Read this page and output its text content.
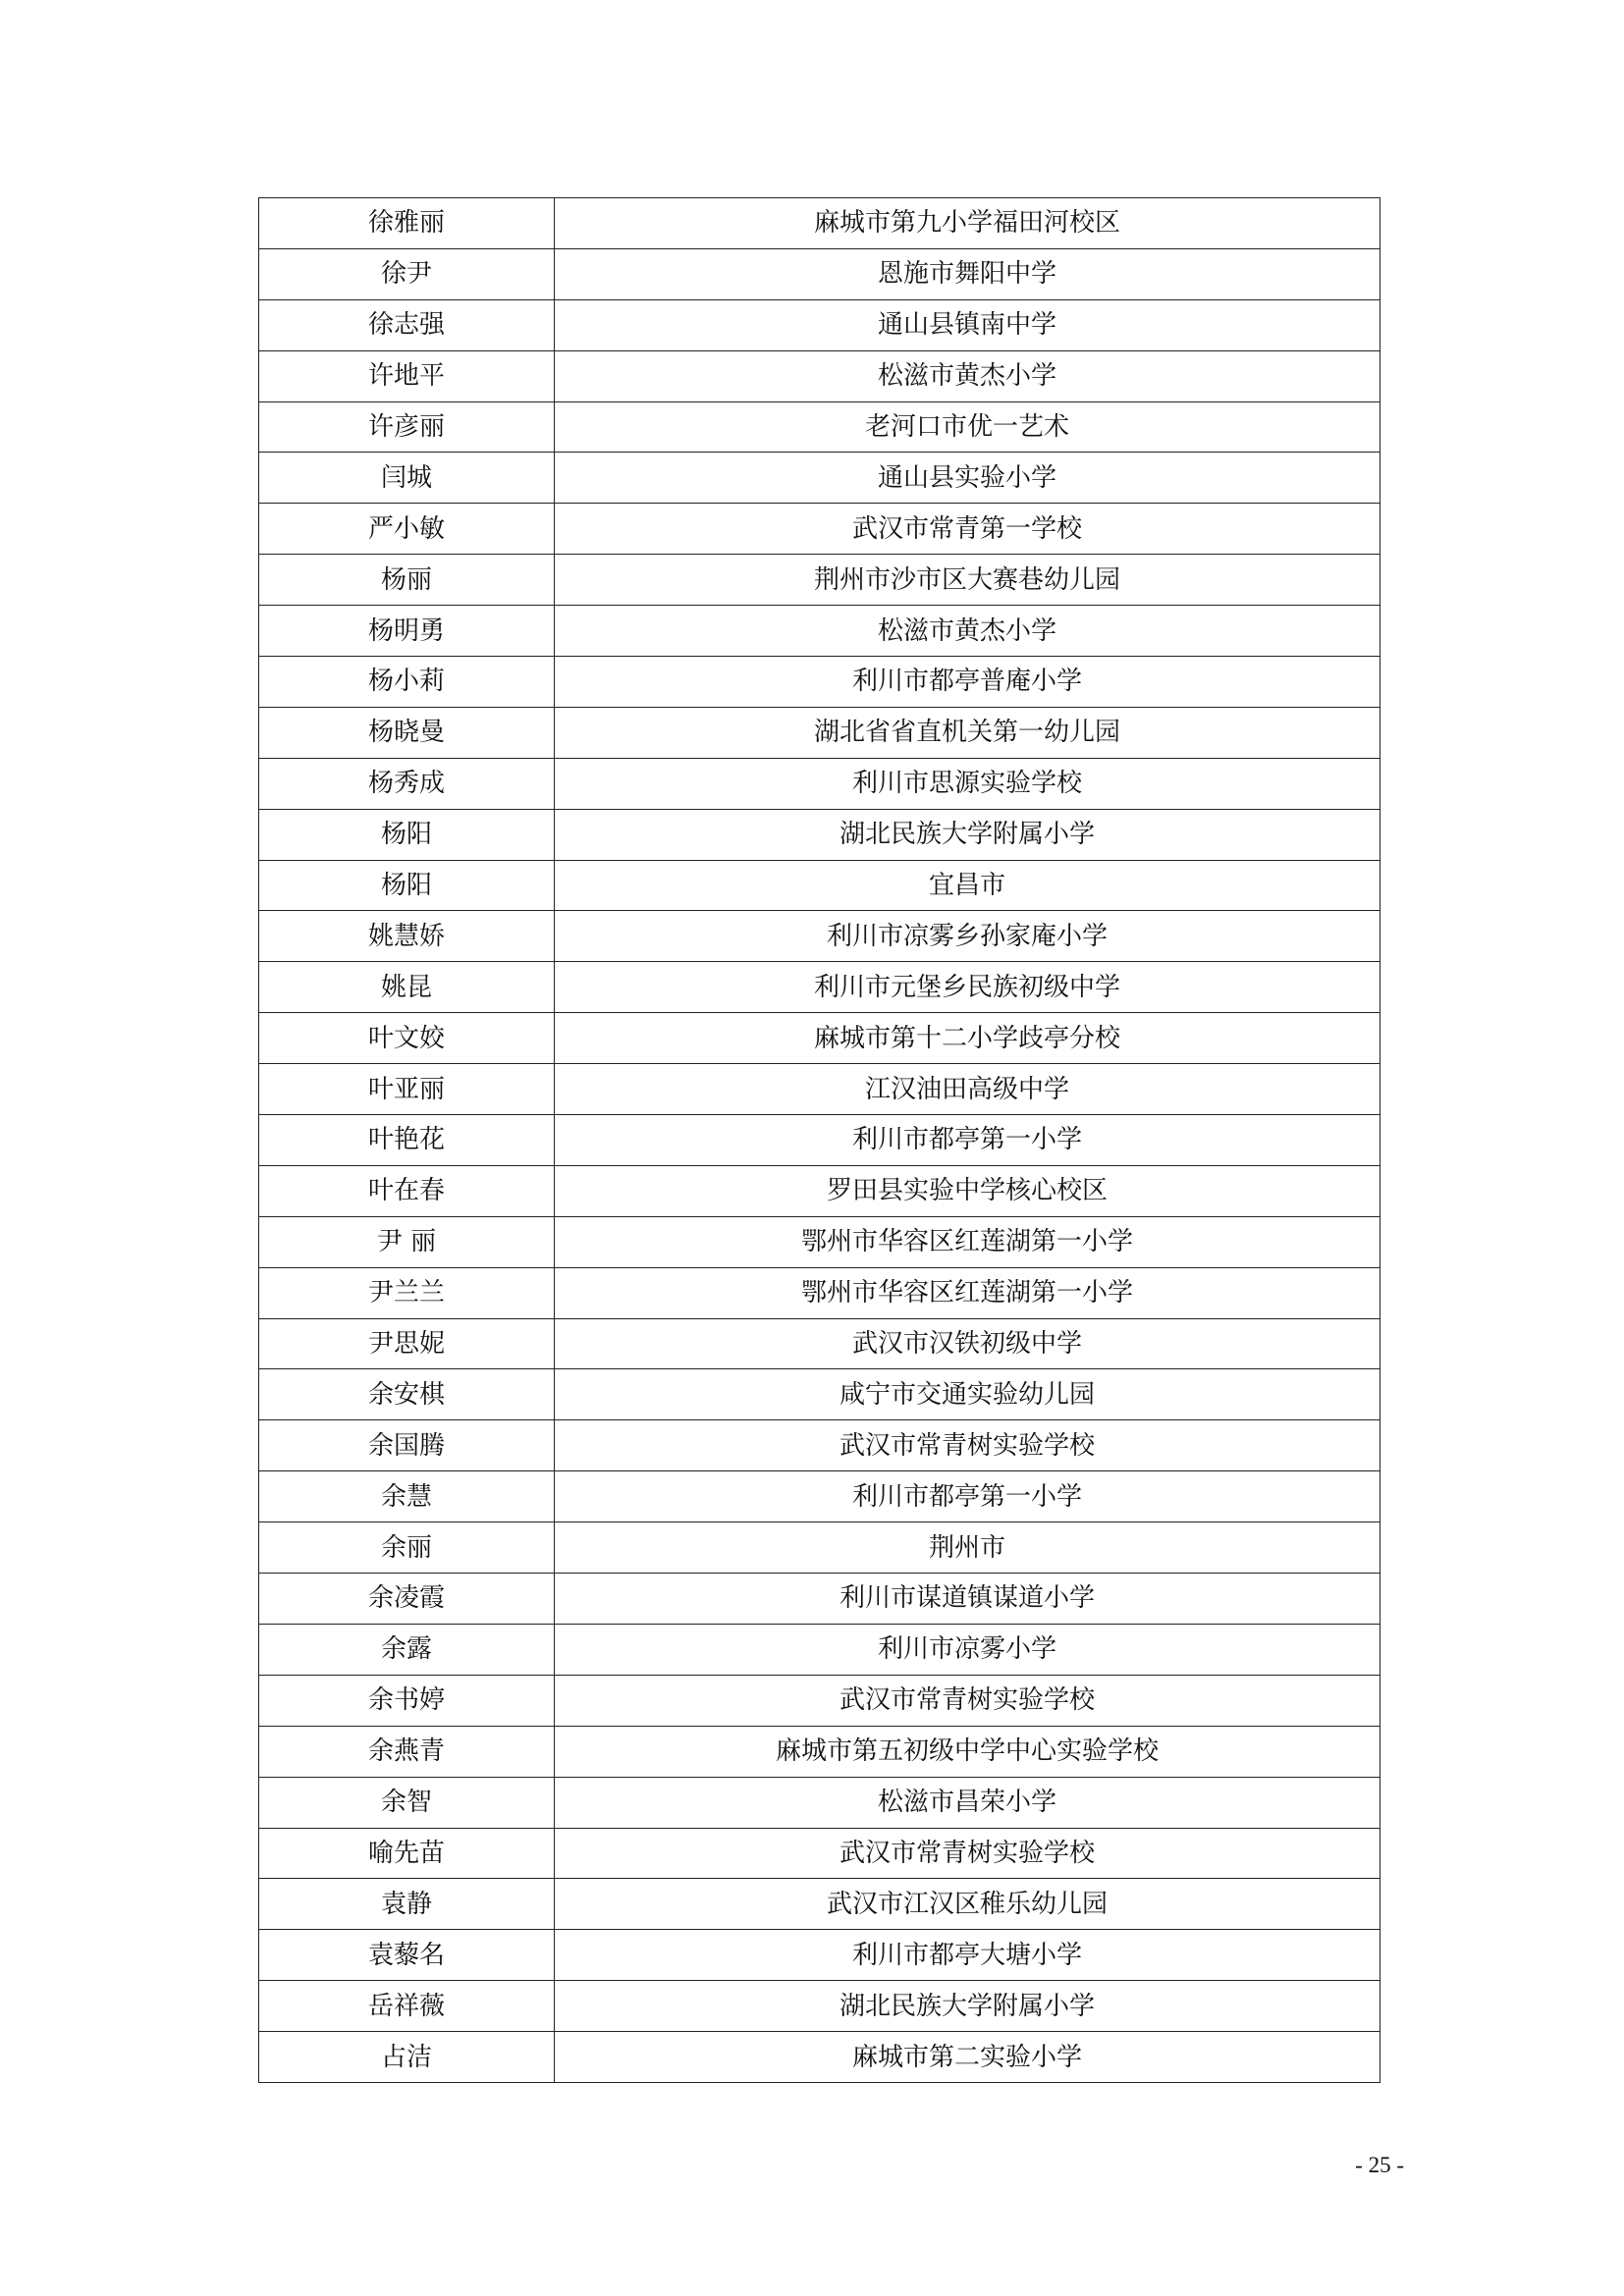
徐雅丽	麻城市第九小学福田河校区
徐尹	恩施市舞阳中学
徐志强	通山县镇南中学
许地平	松滋市黄杰小学
许彦丽	老河口市优一艺术
闫城	通山县实验小学
严小敏	武汉市常青第一学校
杨丽	荆州市沙市区大赛巷幼儿园
杨明勇	松滋市黄杰小学
杨小莉	利川市都亭普庵小学
杨晓曼	湖北省省直机关第一幼儿园
杨秀成	利川市思源实验学校
杨阳	湖北民族大学附属小学
杨阳	宜昌市
姚慧娇	利川市凉雾乡孙家庵小学
姚昆	利川市元堡乡民族初级中学
叶文姣	麻城市第十二小学歧亭分校
叶亚丽	江汉油田高级中学
叶艳花	利川市都亭第一小学
叶在春	罗田县实验中学核心校区
尹 丽	鄂州市华容区红莲湖第一小学
尹兰兰	鄂州市华容区红莲湖第一小学
尹思妮	武汉市汉铁初级中学
余安棋	咸宁市交通实验幼儿园
余国腾	武汉市常青树实验学校
余慧	利川市都亭第一小学
余丽	荆州市
余凌霞	利川市谋道镇谋道小学
余露	利川市凉雾小学
余书婷	武汉市常青树实验学校
余燕青	麻城市第五初级中学中心实验学校
余智	松滋市昌荣小学
喻先苗	武汉市常青树实验学校
袁静	武汉市江汉区稚乐幼儿园
袁藜名	利川市都亭大塘小学
岳祥薇	湖北民族大学附属小学
占洁	麻城市第二实验小学
- 25 -
